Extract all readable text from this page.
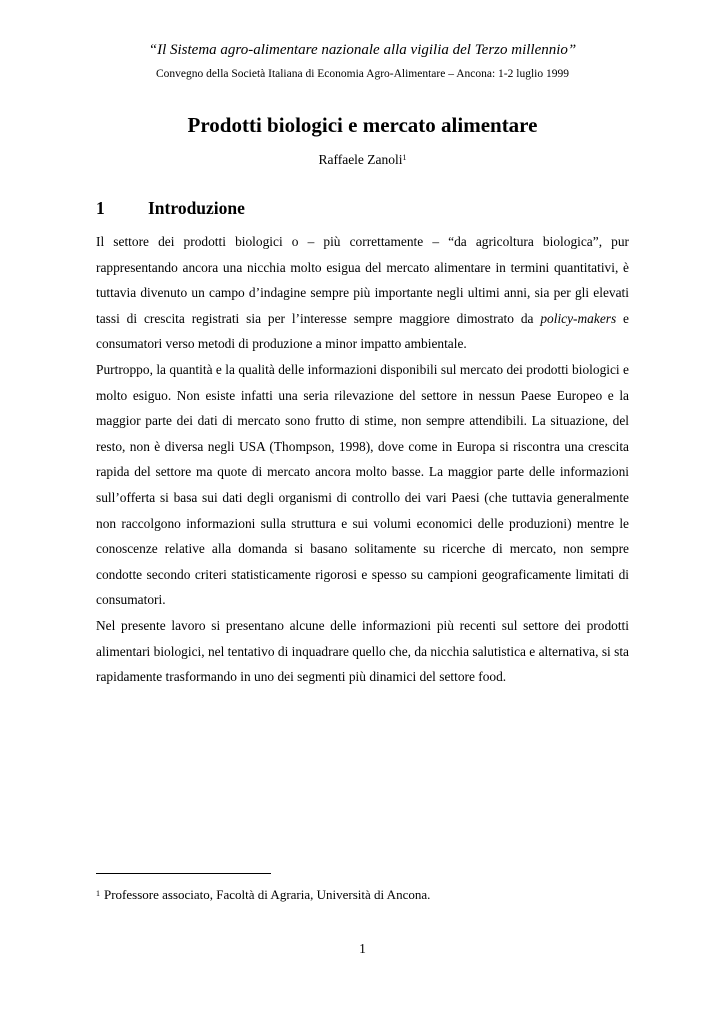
“Il Sistema agro-alimentare nazionale alla vigilia del Terzo millennio”
Convegno della Società Italiana di Economia Agro-Alimentare – Ancona: 1-2 luglio 1999
Prodotti biologici e mercato alimentare
Raffaele Zanoli$^1$
1 Introduzione

Il settore dei prodotti biologici o – più correttamente – “da agricoltura biologica”, pur rappresentando ancora una nicchia molto esigua del mercato alimentare in termini quantitativi, è tuttavia divenuto un campo d’indagine sempre più importante negli ultimi anni, sia per gli elevati tassi di crescita registrati sia per l’interesse sempre maggiore dimostrato da policy-makers e consumatori verso metodi di produzione a minor impatto ambientale.

Purtroppo, la quantità e la qualità delle informazioni disponibili sul mercato dei prodotti biologici e molto esiguo. Non esiste infatti una seria rilevazione del settore in nessun Paese Europeo e la maggior parte dei dati di mercato sono frutto di stime, non sempre attendibili. La situazione, del resto, non è diversa negli USA (Thompson, 1998), dove come in Europa si riscontra una crescita rapida del settore ma quote di mercato ancora molto basse. La maggior parte delle informazioni sull’offerta si basa sui dati degli organismi di controllo dei vari Paesi (che tuttavia generalmente non raccolgono informazioni sulla struttura e sui volumi economici delle produzioni) mentre le conoscenze relative alla domanda si basano solitamente su ricerche di mercato, non sempre condotte secondo criteri statisticamente rigorosi e spesso su campioni geograficamente limitati di consumatori.

Nel presente lavoro si presentano alcune delle informazioni più recenti sul settore dei prodotti alimentari biologici, nel tentativo di inquadrare quello che, da nicchia salutistica e alternativa, si sta rapidamente trasformando in uno dei segmenti più dinamici del settore food.

$^1$ Professore associato, Facoltà di Agraria, Università di Ancona.
1
